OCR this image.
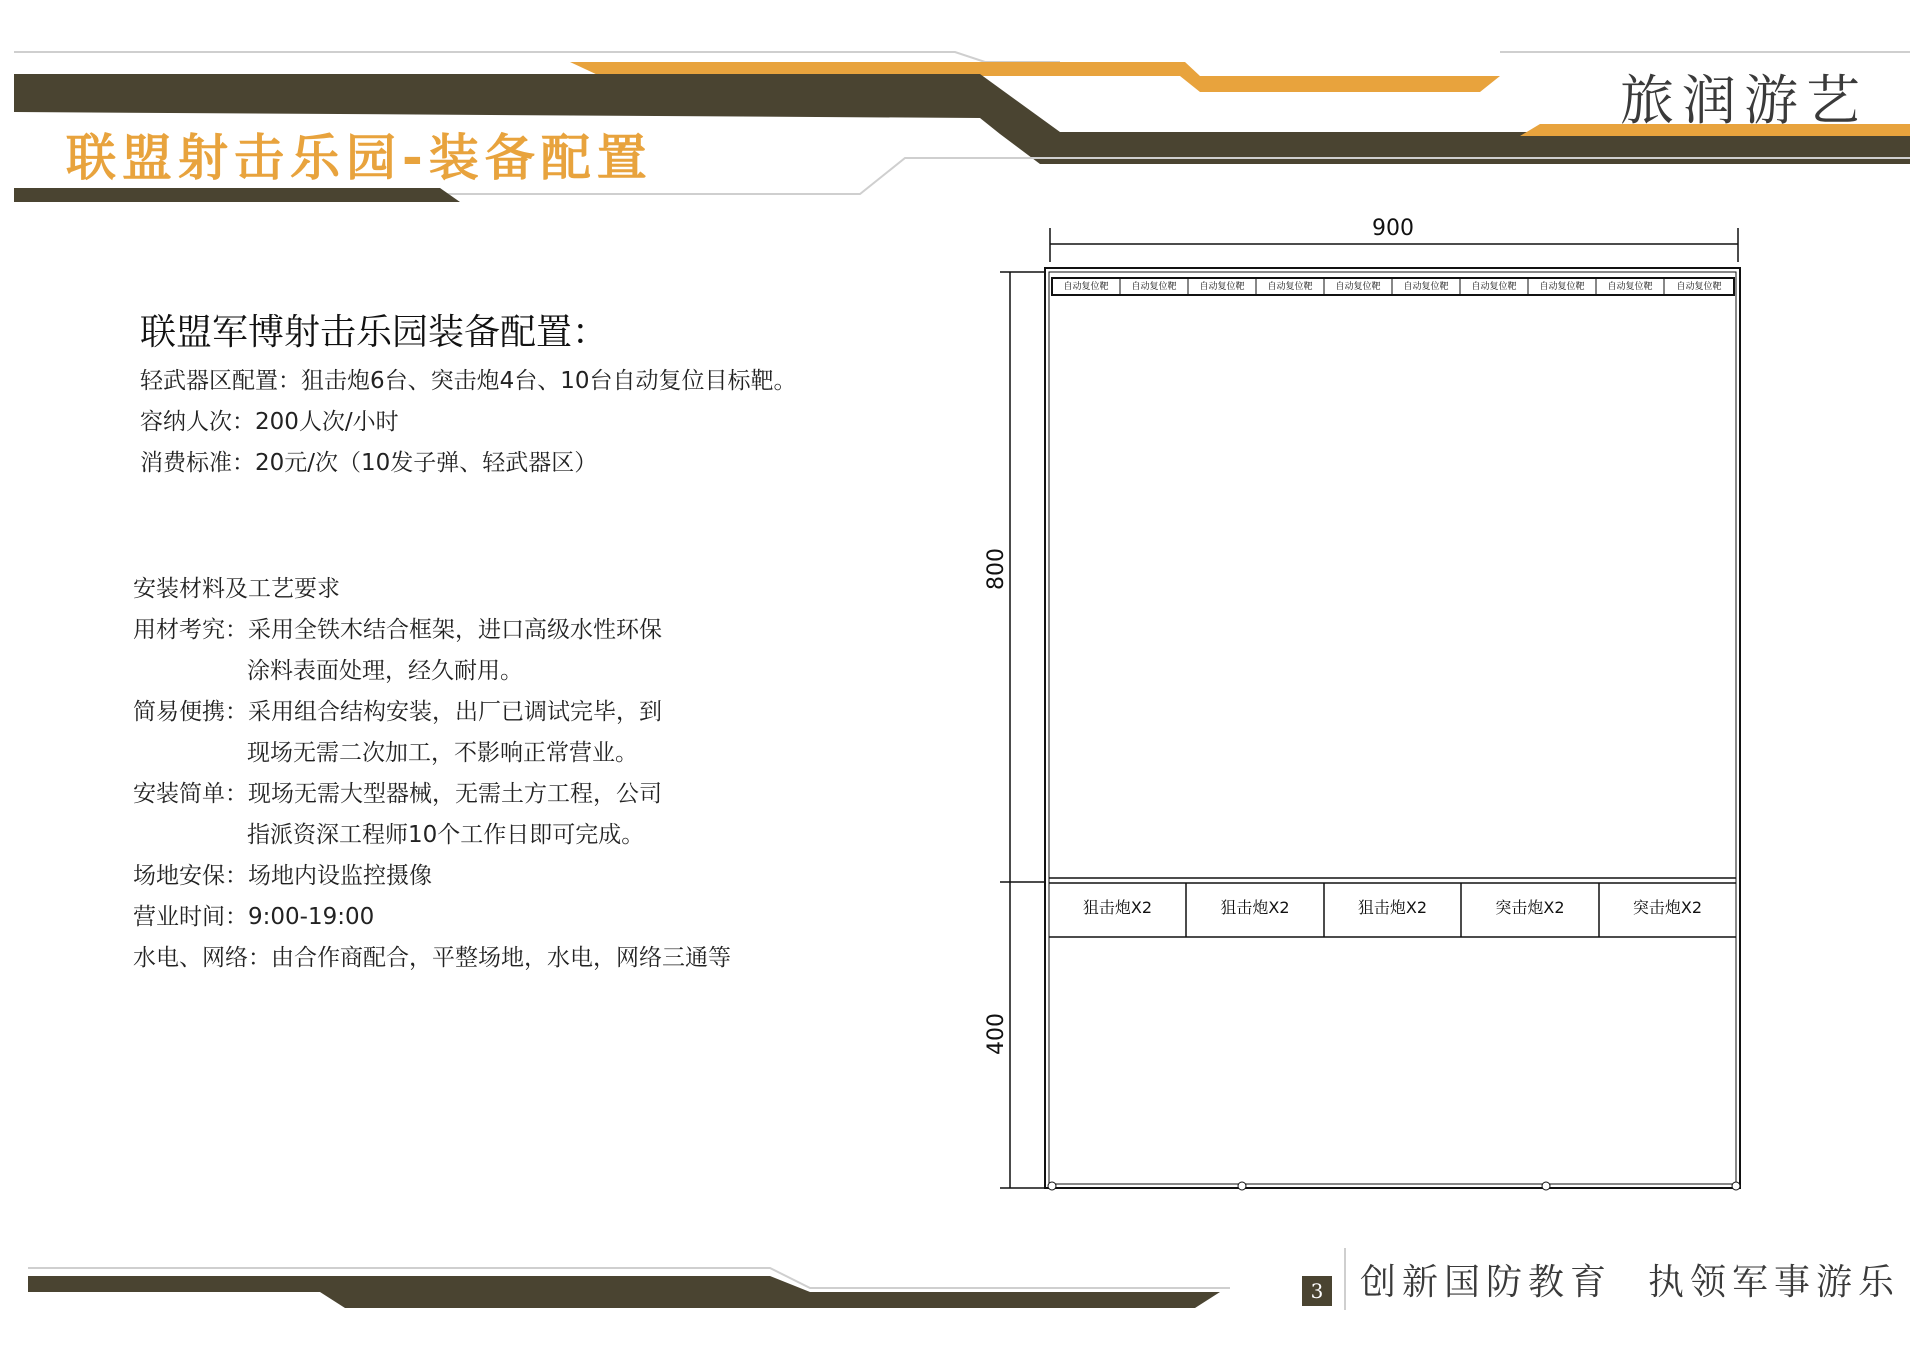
旅润游艺
联盟射击乐园-装备配置
联盟军博射击乐园装备配置：
轻武器区配置：狙击炮6台、突击炮4台、10台自动复位目标靶。
容纳人次：200人次/小时
消费标准：20元/次（10发子弹、轻武器区）
安装材料及工艺要求
用材考究：采用全铁木结合框架，进口高级水性环保
涂料表面处理，经久耐用。
简易便携：采用组合结构安装，出厂已调试完毕，到
现场无需二次加工，不影响正常营业。
安装简单：现场无需大型器械，无需土方工程，公司
指派资深工程师10个工作日即可完成。
场地安保：场地内设监控摄像
营业时间：9:00-19:00
水电、网络：由合作商配合，平整场地，水电，网络三通等
900
800
400
自动复位靶	自动复位靶	自动复位靶	自动复位靶	自动复位靶	自动复位靶	自动复位靶	自动复位靶	自动复位靶	自动复位靶
狙击炮X2	狙击炮X2	狙击炮X2	突击炮X2	突击炮X2
3 创新国防教育 执领军事游乐
